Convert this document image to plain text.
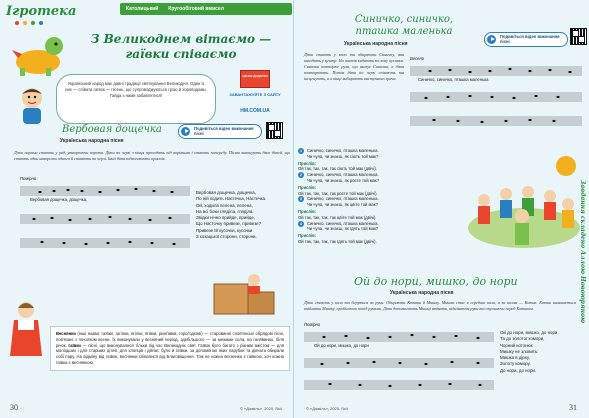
Ігротека	Католицький Кругообіговий вмисел
З Великоднем вітаємо — гаївки співаємо
Український народ має давні традиції святкування Великодня. Один із них — співати гаївок — пісень, що супроводжуються грою й хороводами. Гайда з нами забавлятися!
ЦІКАВІ ДОДАТКИ
ЗАВАНТАЖУЙТЕ З САЙТУ
HM.COM.UA
Вербовая дощечка
Українська народна пісня
Подивіться відео виконання пісні
Діти парами стають у ряд, утворюючи ворота. Діти по черзі з кінця проходять під ворітьми і стають попереду. Пісню виконують двоє дітей, що стають один навпроти одного й співають по черзі. Інші діти підхоплюють приспів.
Помірно
Вербовая дощечка, дощечка,
Вербовая дощечка, дощечка,
По ній ходить Настечка, Настечка.
Ой, ходила пелена, пелена,
На всі боки гляділа, гляділа.
Звідки нічно прийде, прийде,
Що Насточку привезе, привезе?
Привезе їй кусочки, кусочки
З козацької сторони, сторони.
Веснянки (інші назви: гаївки, гагілки, ягілки, ягівки, ринґавки, гороґодкові) — старовинні слов'янські обрядові пісні, пов'язані з початком весни. Їх виконували у весняний період, здебільшого — за межами села, на галявинах, біля річок. гаївки — пісні, що виконувалися тільки під час Великодніх свят. Гаївок було багато з різним змістом — для молодших і для старших дітей, для хлопців і дівчат, було й гаївки, за допомогою яких парубки та дівчата обирали собі пару. На відміну від гаївок, веснянки співалися від Благовіщення. Тож не кожна веснянка є гаївкою, хоч кожна гаївка є веснянкою.
30	© «Джміль», 2020, №4
Синичко, синичко, пташка маленька
Українська народна пісня
Подивіться відео виконання пісні
Діти стають у коло та обирають Синичку, яка виходить у центр. На застів кидають по колу хусинки. Синичка повторює рухи, що вказує Синичка, а діти повторюють. Потім діти по черзі співають та інсценують, а в кінці вибирають наступного грача.
Весело
Синичко, синичко, пташка маленька
1	Синичко, синичко, пташка маленька.
Чи чула, чи знаєш, як сіють той мак?
Приспів:
Ой так, так, так, так сіють той мак (двічі).
2	Синичко, синичко, пташка маленька.
Чи чула, чи знаєш, як росте той мак?
Приспів:
Ой так, так, так, так росте той мак (двічі).
3	Синичко, синичко, пташка маленька.
Чи чула, чи знаєш, як цвіте той мак?
Приспів:
Ой так, так, так, так цвіте той мак (двічі).
4	Синичко, синичко, пташка маленька.
Чи чула, чи знаєш, як їдять той мак?
Приспів:
Ой так, так, так, так їдять той мак (двічі).
Ой до нори, мишко, до нори
Українська народна пісня
Діти стають у коло та беруться за руки. Обирають Котика й Мишку. Мишка стає в середині кола, а за колом — Котик. Котик намагається впіймати Мишку, пробігаючи попід руками. Діти допомагають Мишці втікати, піднімаючи руки та опускаючи перед Котиком.
Помірно
Ой до нори, мишко, до нори
Ой до нори, мишко, до нори
Та до золотої комори,
Чорний котонюк
Мишку не зловить:
Мишка в дірку,
Золоту комору.
До нори, до нори.
Завдання складено Аллою Новоюряною
© «Джміль», 2020, №4	31
